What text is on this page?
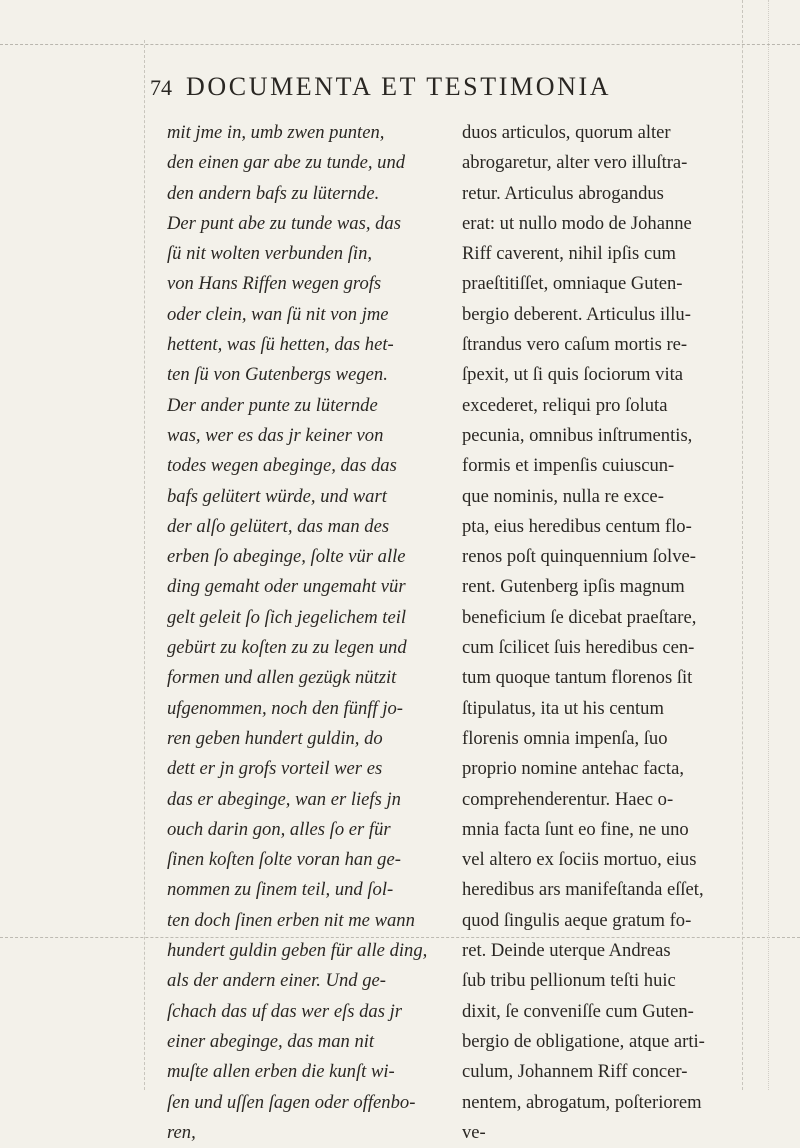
74 DOCUMENTA ET TESTIMONIA
mit jme in, umb zwen punten,
den einen gar abe zu tunde, und
den andern bafs zu lüternde.
Der punt abe zu tunde was, das
ſü nit wolten verbunden ſin,
von Hans Riffen wegen grofs
oder clein, wan ſü nit von jme
hettent, was ſü hetten, das het-
ten ſü von Gutenbergs wegen.
Der ander punte zu lüternde
was, wer es das jr keiner von
todes wegen abeginge, das das
bafs gelütert würde, und wart
der alſo gelütert, das man des
erben ſo abeginge, ſolte vür alle
ding gemaht oder ungemaht vür
gelt geleit ſo ſich jegelichem teil
gebürt zu koſten zu zu legen und
formen und allen gezügk nützit
ufgenommen, noch den fünff jo-
ren geben hundert guldin, do
dett er jn grofs vorteil wer es
das er abeginge, wan er liefs jn
ouch darin gon, alles ſo er für
ſinen koſten ſolte voran han ge-
nommen zu ſinem teil, und ſol-
ten doch ſinen erben nit me wann
hundert guldin geben für alle ding,
als der andern einer. Und ge-
ſchach das uf das wer eſs das jr
einer abeginge, das man nit
muſte allen erben die kunſt wi-
ſen und uſſen ſagen oder offenbo-
ren,
duos articulos, quorum alter
abrogaretur, alter vero illuſtra-
retur. Articulus abrogandus
erat: ut nullo modo de Johanne
Riff caverent, nihil ipſis cum
praeſtitiſſet, omniaque Guten-
bergio deberent. Articulus illu-
ſtrandus vero caſum mortis re-
ſpexit, ut ſi quis ſociorum vita
excederet, reliqui pro ſoluta
pecunia, omnibus inſtrumentis,
formis et impenſis cuiuscun-
que nominis, nulla re exce-
pta, eius heredibus centum flo-
renos poſt quinquennium ſolve-
rent. Gutenberg ipſis magnum
beneficium ſe dicebat praeſtare,
cum ſcilicet ſuis heredibus cen-
tum quoque tantum florenos ſit
ſtipulatus, ita ut his centum
florenis omnia impenſa, ſuo
proprio nomine antehac facta,
comprehenderentur. Haec o-
mnia facta ſunt eo fine, ne uno
vel altero ex ſociis mortuo, eius
heredibus ars manifeſtanda eſſet,
quod ſingulis aeque gratum fo-
ret. Deinde uterque Andreas
ſub tribu pellionum teſti huic
dixit, ſe conveniſſe cum Guten-
bergio de obligatione, atque arti-
culum, Johannem Riff concer-
nentem, abrogatum, poſteriorem
ve-
